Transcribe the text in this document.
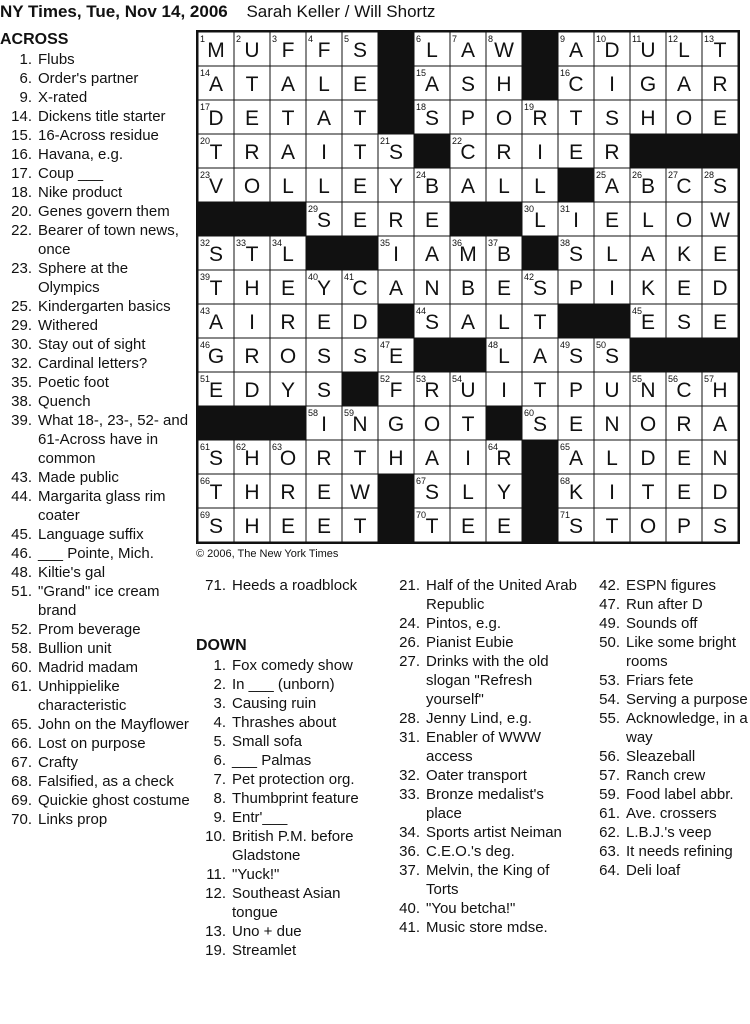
NY Times, Tue, Nov 14, 2006 Sarah Keller / Will Shortz
ACROSS
1. Flubs
6. Order's partner
9. X-rated
14. Dickens title starter
15. 16-Across residue
16. Havana, e.g.
17. Coup ___
18. Nike product
20. Genes govern them
22. Bearer of town news, once
23. Sphere at the Olympics
25. Kindergarten basics
29. Withered
30. Stay out of sight
32. Cardinal letters?
35. Poetic foot
38. Quench
39. What 18-, 23-, 52- and 61-Across have in common
43. Made public
44. Margarita glass rim coater
45. Language suffix
46. ___ Pointe, Mich.
48. Kiltie's gal
51. "Grand" ice cream brand
52. Prom beverage
58. Bullion unit
60. Madrid madam
61. Unhippielike characteristic
65. John on the Mayflower
66. Lost on purpose
67. Crafty
68. Falsified, as a check
69. Quickie ghost costume
70. Links prop
1 M 2 U 3 F 4 F 5 S	6 L 7 A 8 W	9 A 10
D 11 U 12 L 13 T
14
A T A L E	15
A S H	16
C I G A R
17
D E T A T	18
S P O 19
R T S H O E
20 T R A I T 21
S	22
C R I E R
23
V O L L E Y 24
B A L L	25
A 26
B 27
C 28
S
29
S E R E	30 L 31 I E L O W
32
S 33 T 34 L	35 I A 36
M 37
B	38
S L A K E
39 T H E 40
Y 41
C A N B E 42
S P I K E D
43
A I R E D	44
S A L T	45
E S E
46
G R O S S 47
E	48 L A 49
S 50
S
51
E D Y S	52 F 53
R 54
U I T P U 55
N 56
C 57
H
58 I 59
N G O T	60
S E N O R A
61
S 62
H 63
O R T H A I 64
R	65
A L D E N
66 T H R E W	67
S L Y	68
K I T E D
69
S H E E T	70 T E E	71
S T O P S
© 2006, The New York Times
71. Heeds a roadblock
DOWN
1. Fox comedy show
2. In ___ (unborn)
3. Causing ruin
4. Thrashes about
5. Small sofa
6. ___ Palmas
7. Pet protection org.
8. Thumbprint feature
9. Entr'___
10. British P.M. before Gladstone
11. "Yuck!"
12. Southeast Asian tongue
13. Uno + due
19. Streamlet
21. Half of the United Arab Republic
24. Pintos, e.g.
26. Pianist Eubie
27. Drinks with the old slogan "Refresh yourself"
28. Jenny Lind, e.g.
31. Enabler of WWW access
32. Oater transport
33. Bronze medalist's place
34. Sports artist Neiman
36. C.E.O.'s deg.
37. Melvin, the King of Torts
40. "You betcha!"
41. Music store mdse.
42. ESPN figures
47. Run after D
49. Sounds off
50. Like some bright rooms
53. Friars fete
54. Serving a purpose
55. Acknowledge, in a way
56. Sleazeball
57. Ranch crew
59. Food label abbr.
61. Ave. crossers
62. L.B.J.'s veep
63. It needs refining
64. Deli loaf
